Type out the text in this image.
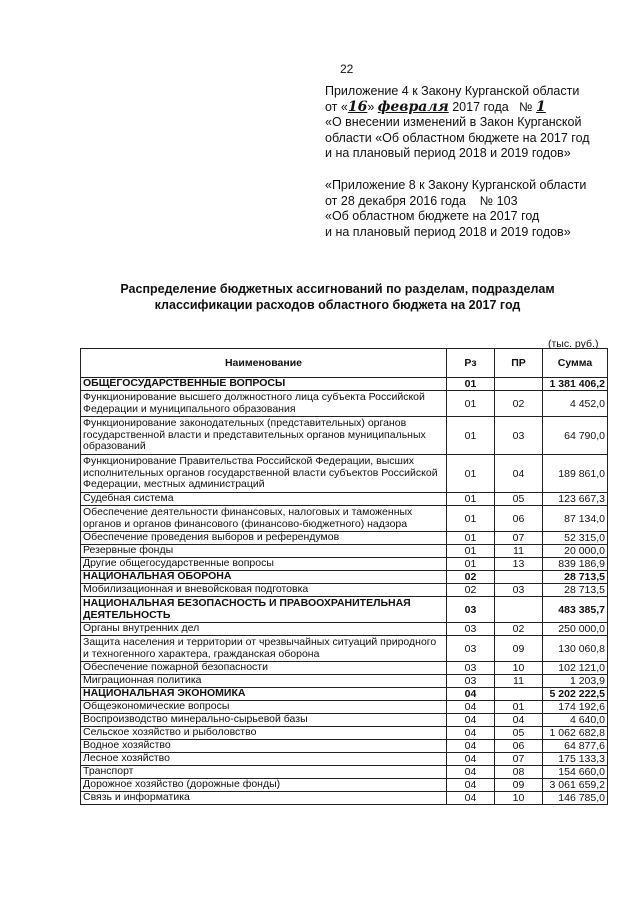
22
Приложение 4 к Закону Курганской области
от «16» февраля 2017 года № 1
«О внесении изменений в Закон Курганской
области «Об областном бюджете на 2017 год
и на плановый период 2018 и 2019 годов»
«Приложение 8 к Закону Курганской области
от 28 декабря 2016 года    № 103
«Об областном бюджете на 2017 год
и на плановый период 2018 и 2019 годов»
Распределение бюджетных ассигнований по разделам, подразделам
классификации расходов областного бюджета на 2017 год
(тыс. руб.)
Наименование	Рз	ПР	Сумма
ОБЩЕГОСУДАРСТВЕННЫЕ ВОПРОСЫ	01		1 381 406,2
Функционирование высшего должностного лица субъекта Российской Федерации и муниципального образования	01	02	4 452,0
Функционирование законодательных (представительных) органов государственной власти и представительных органов муниципальных образований	01	03	64 790,0
Функционирование Правительства Российской Федерации, высших исполнительных органов государственной власти субъектов Российской Федерации, местных администраций	01	04	189 861,0
Судебная система	01	05	123 667,3
Обеспечение деятельности финансовых, налоговых и таможенных органов и органов финансового (финансово-бюджетного) надзора	01	06	87 134,0
Обеспечение проведения выборов и референдумов	01	07	52 315,0
Резервные фонды	01	11	20 000,0
Другие общегосударственные вопросы	01	13	839 186,9
НАЦИОНАЛЬНАЯ ОБОРОНА	02		28 713,5
Мобилизационная и вневойсковая подготовка	02	03	28 713,5
НАЦИОНАЛЬНАЯ БЕЗОПАСНОСТЬ И ПРАВООХРАНИТЕЛЬНАЯ ДЕЯТЕЛЬНОСТЬ	03		483 385,7
Органы внутренних дел	03	02	250 000,0
Защита населения и территории от чрезвычайных ситуаций природного и техногенного характера, гражданская оборона	03	09	130 060,8
Обеспечение пожарной безопасности	03	10	102 121,0
Миграционная политика	03	11	1 203,9
НАЦИОНАЛЬНАЯ ЭКОНОМИКА	04		5 202 222,5
Общеэкономические вопросы	04	01	174 192,6
Воспроизводство минерально-сырьевой базы	04	04	4 640,0
Сельское хозяйство и рыболовство	04	05	1 062 682,8
Водное хозяйство	04	06	64 877,6
Лесное хозяйство	04	07	175 133,3
Транспорт	04	08	154 660,0
Дорожное хозяйство (дорожные фонды)	04	09	3 061 659,2
Связь и информатика	04	10	146 785,0
